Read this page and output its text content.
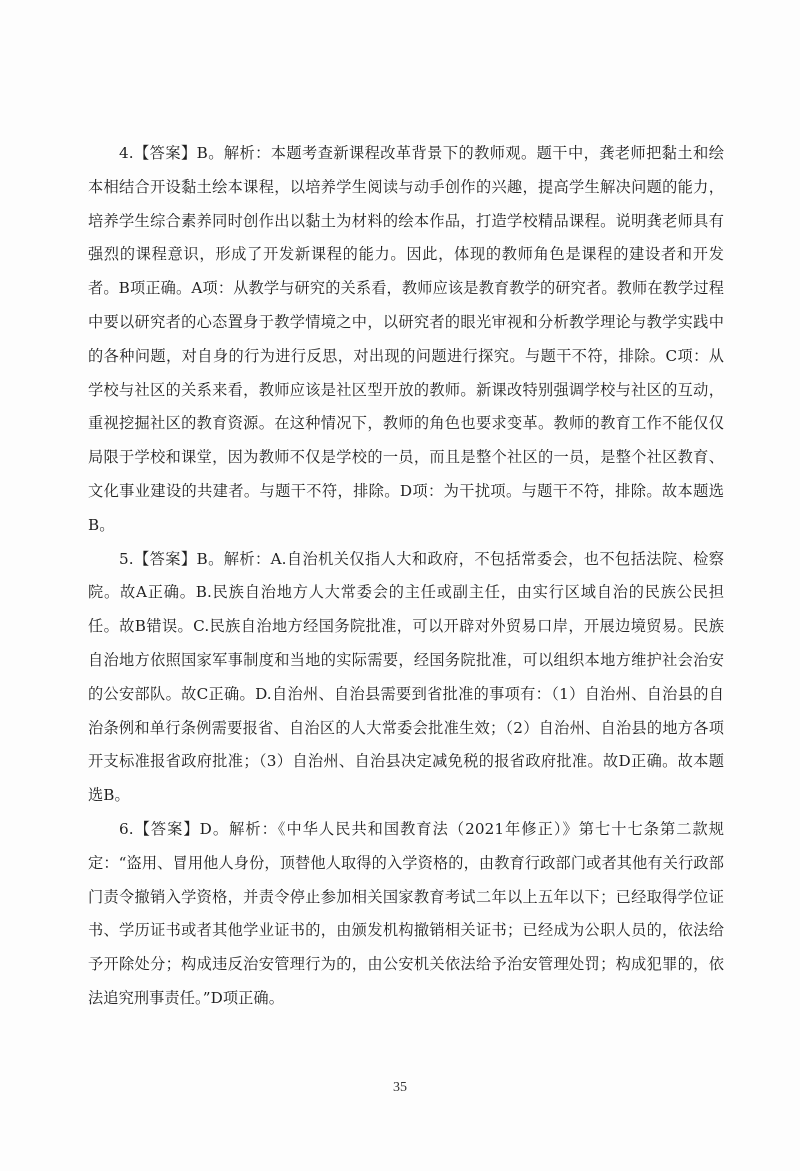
4.【答案】B。解析：本题考查新课程改革背景下的教师观。题干中，龚老师把黏土和绘本相结合开设黏土绘本课程，以培养学生阅读与动手创作的兴趣，提高学生解决问题的能力，培养学生综合素养同时创作出以黏土为材料的绘本作品，打造学校精品课程。说明龚老师具有强烈的课程意识，形成了开发新课程的能力。因此，体现的教师角色是课程的建设者和开发者。B项正确。A项：从教学与研究的关系看，教师应该是教育教学的研究者。教师在教学过程中要以研究者的心态置身于教学情境之中，以研究者的眼光审视和分析教学理论与教学实践中的各种问题，对自身的行为进行反思，对出现的问题进行探究。与题干不符，排除。C项：从学校与社区的关系来看，教师应该是社区型开放的教师。新课改特别强调学校与社区的互动，重视挖掘社区的教育资源。在这种情况下，教师的角色也要求变革。教师的教育工作不能仅仅局限于学校和课堂，因为教师不仅是学校的一员，而且是整个社区的一员，是整个社区教育、文化事业建设的共建者。与题干不符，排除。D项：为干扰项。与题干不符，排除。故本题选B。

5.【答案】B。解析：A.自治机关仅指人大和政府，不包括常委会，也不包括法院、检察院。故A正确。B.民族自治地方人大常委会的主任或副主任，由实行区域自治的民族公民担任。故B错误。C.民族自治地方经国务院批准，可以开辟对外贸易口岸，开展边境贸易。民族自治地方依照国家军事制度和当地的实际需要，经国务院批准，可以组织本地方维护社会治安的公安部队。故C正确。D.自治州、自治县需要到省批准的事项有：（1）自治州、自治县的自治条例和单行条例需要报省、自治区的人大常委会批准生效；（2）自治州、自治县的地方各项开支标准报省政府批准；（3）自治州、自治县决定减免税的报省政府批准。故D正确。故本题选B。

6.【答案】D。解析：《中华人民共和国教育法（2021年修正）》第七十七条第二款规定：“盗用、冒用他人身份，顶替他人取得的入学资格的，由教育行政部门或者其他有关行政部门责令撤销入学资格，并责令停止参加相关国家教育考试二年以上五年以下；已经取得学位证书、学历证书或者其他学业证书的，由颁发机构撤销相关证书；已经成为公职人员的，依法给予开除处分；构成违反治安管理行为的，由公安机关依法给予治安管理处罚；构成犯罪的，依法追究刑事责任。”D项正确。

35
